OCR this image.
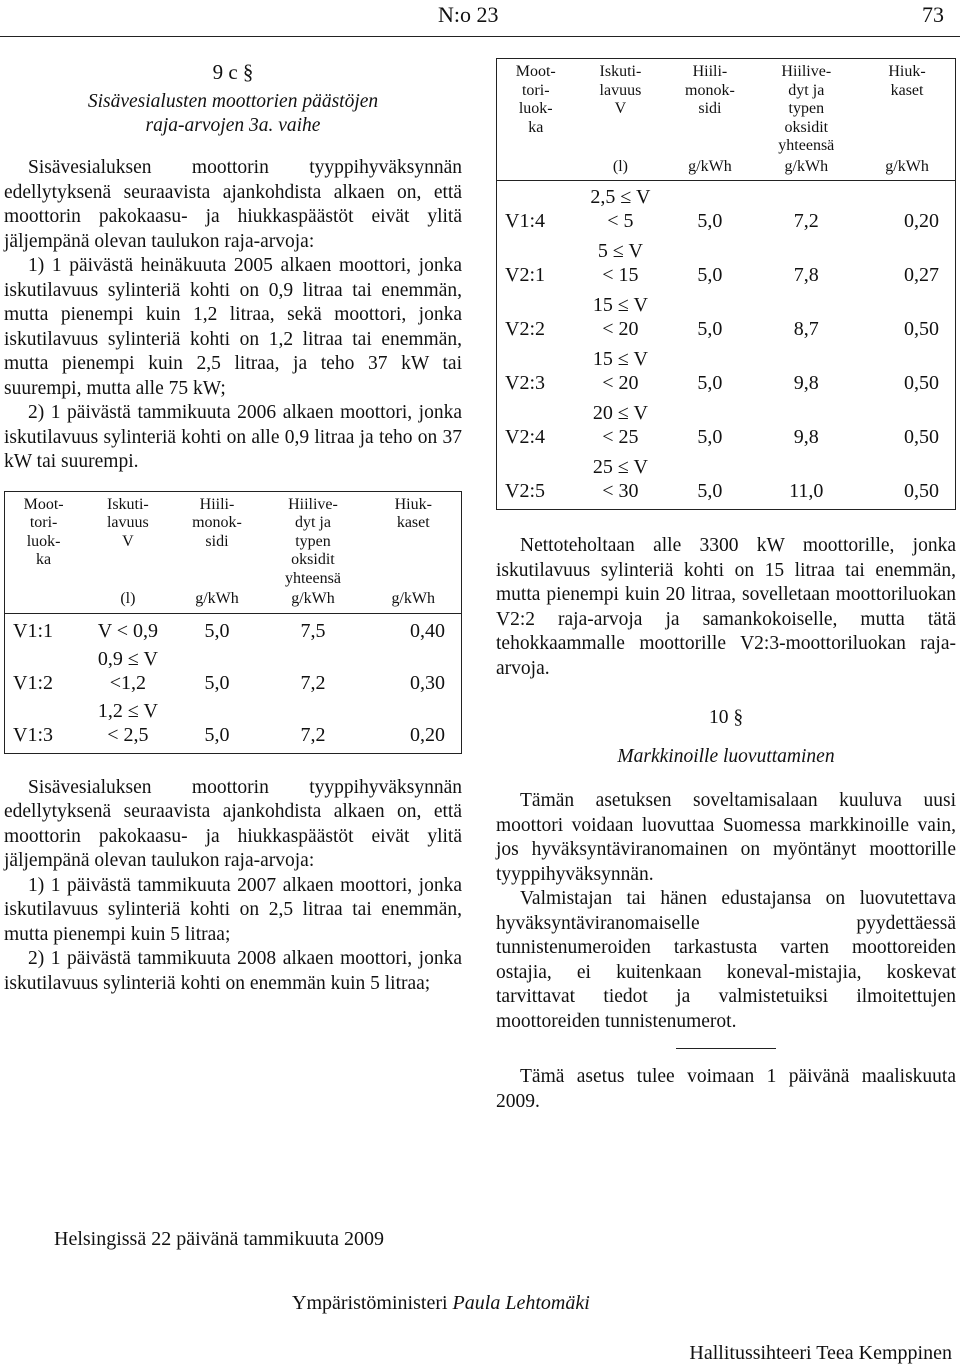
N:o 23	73
9 c §
Sisävesialusten moottorien päästöjen
raja-arvojen 3a. vaihe

Sisävesialuksen moottorin tyyppihyväksynnän edellytyksenä seuraavista ajankohdista alkaen on, että moottorin pakokaasu- ja hiukkaspäästöt eivät ylitä jäljempänä olevan taulukon raja-arvoja:

1) 1 päivästä heinäkuuta 2005 alkaen moottori, jonka iskutilavuus sylinteriä kohti on 0,9 litraa tai enemmän, mutta pienempi kuin 1,2 litraa, sekä moottori, jonka iskutilavuus sylinteriä kohti on 1,2 litraa tai enemmän, mutta pienempi kuin 2,5 litraa, ja teho 37 kW tai suurempi, mutta alle 75 kW;

2) 1 päivästä tammikuuta 2006 alkaen moottori, jonka iskutilavuus sylinteriä kohti on alle 0,9 litraa ja teho on 37 kW tai suurempi.

Moot-
tori-
luok-
ka	Iskuti-
lavuus
V	Hiili-
monok-
sidi	Hiilive-
dyt ja
typen
oksidit
yhteensä	Hiuk-
kaset
	(l)	g/kWh	g/kWh	g/kWh
V1:1	V < 0,9	5,0	7,5	0,40
V1:2	0,9 ≤ V
<1,2	5,0	7,2	0,30
V1:3	1,2 ≤ V
< 2,5	5,0	7,2	0,20

Sisävesialuksen moottorin tyyppihyväksynnän edellytyksenä seuraavista ajankohdista alkaen on, että moottorin pakokaasu- ja hiukkaspäästöt eivät ylitä jäljempänä olevan taulukon raja-arvoja:

1) 1 päivästä tammikuuta 2007 alkaen moottori, jonka iskutilavuus sylinteriä kohti on 2,5 litraa tai enemmän, mutta pienempi kuin 5 litraa;

2) 1 päivästä tammikuuta 2008 alkaen moottori, jonka iskutilavuus sylinteriä kohti on enemmän kuin 5 litraa;

Moot-
tori-
luok-
ka	Iskuti-
lavuus
V	Hiili-
monok-
sidi	Hiilive-
dyt ja
typen
oksidit
yhteensä	Hiuk-
kaset
	(l)	g/kWh	g/kWh	g/kWh
V1:4	2,5 ≤ V
< 5	5,0	7,2	0,20
V2:1	5 ≤ V
< 15	5,0	7,8	0,27
V2:2	15 ≤ V
< 20	5,0	8,7	0,50
V2:3	15 ≤ V
< 20	5,0	9,8	0,50
V2:4	20 ≤ V
< 25	5,0	9,8	0,50
V2:5	25 ≤ V
< 30	5,0	11,0	0,50

Nettoteholtaan alle 3300 kW moottorille, jonka iskutilavuus sylinteriä kohti on 15 litraa tai enemmän, mutta pienempi kuin 20 litraa, sovelletaan moottoriluokan V2:2 raja-arvoja ja samankokoiselle, mutta tätä tehokkaammalle moottorille V2:3-moottoriluokan raja-arvoja.

10 §
Markkinoille luovuttaminen

Tämän asetuksen soveltamisalaan kuuluva uusi moottori voidaan luovuttaa Suomessa markkinoille vain, jos hyväksyntäviranomainen on myöntänyt moottorille tyyppihyväksynnän.

Valmistajan tai hänen edustajansa on luovutettava hyväksyntäviranomaiselle pyydettäessä tunnistenumeroiden tarkastusta varten moottoreiden ostajia, ei kuitenkaan koneval-mistajia, koskevat tarvittavat tiedot ja valmistetuiksi ilmoitettujen moottoreiden tunnistenumerot.

Tämä asetus tulee voimaan 1 päivänä maaliskuuta 2009.

Helsingissä 22 päivänä tammikuuta 2009
Ympäristöministeri Paula Lehtomäki
Hallitussihteeri Teea Kemppinen
